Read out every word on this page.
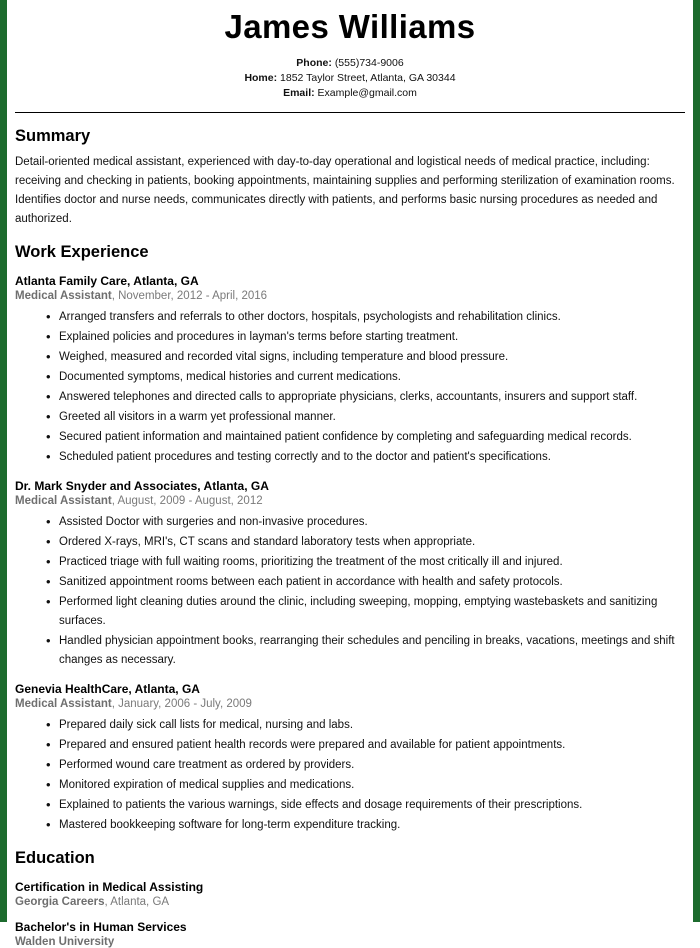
James Williams
Phone: (555)734-9006
Home: 1852 Taylor Street, Atlanta, GA 30344
Email: Example@gmail.com
Summary
Detail-oriented medical assistant, experienced with day-to-day operational and logistical needs of medical practice, including: receiving and checking in patients, booking appointments, maintaining supplies and performing sterilization of examination rooms. Identifies doctor and nurse needs, communicates directly with patients, and performs basic nursing procedures as needed and authorized.
Work Experience
Atlanta Family Care, Atlanta, GA
Medical Assistant, November, 2012 - April, 2016
• Arranged transfers and referrals to other doctors, hospitals, psychologists and rehabilitation clinics.
• Explained policies and procedures in layman's terms before starting treatment.
• Weighed, measured and recorded vital signs, including temperature and blood pressure.
• Documented symptoms, medical histories and current medications.
• Answered telephones and directed calls to appropriate physicians, clerks, accountants, insurers and support staff.
• Greeted all visitors in a warm yet professional manner.
• Secured patient information and maintained patient confidence by completing and safeguarding medical records.
• Scheduled patient procedures and testing correctly and to the doctor and patient's specifications.
Dr. Mark Snyder and Associates, Atlanta, GA
Medical Assistant, August, 2009 - August, 2012
• Assisted Doctor with surgeries and non-invasive procedures.
• Ordered X-rays, MRI's, CT scans and standard laboratory tests when appropriate.
• Practiced triage with full waiting rooms, prioritizing the treatment of the most critically ill and injured.
• Sanitized appointment rooms between each patient in accordance with health and safety protocols.
• Performed light cleaning duties around the clinic, including sweeping, mopping, emptying wastebaskets and sanitizing surfaces.
• Handled physician appointment books, rearranging their schedules and penciling in breaks, vacations, meetings and shift changes as necessary.
Genevia HealthCare, Atlanta, GA
Medical Assistant, January, 2006 - July, 2009
• Prepared daily sick call lists for medical, nursing and labs.
• Prepared and ensured patient health records were prepared and available for patient appointments.
• Performed wound care treatment as ordered by providers.
• Monitored expiration of medical supplies and medications.
• Explained to patients the various warnings, side effects and dosage requirements of their prescriptions.
• Mastered bookkeeping software for long-term expenditure tracking.
Education
Certification in Medical Assisting
Georgia Careers, Atlanta, GA
Bachelor's in Human Services
Walden University
